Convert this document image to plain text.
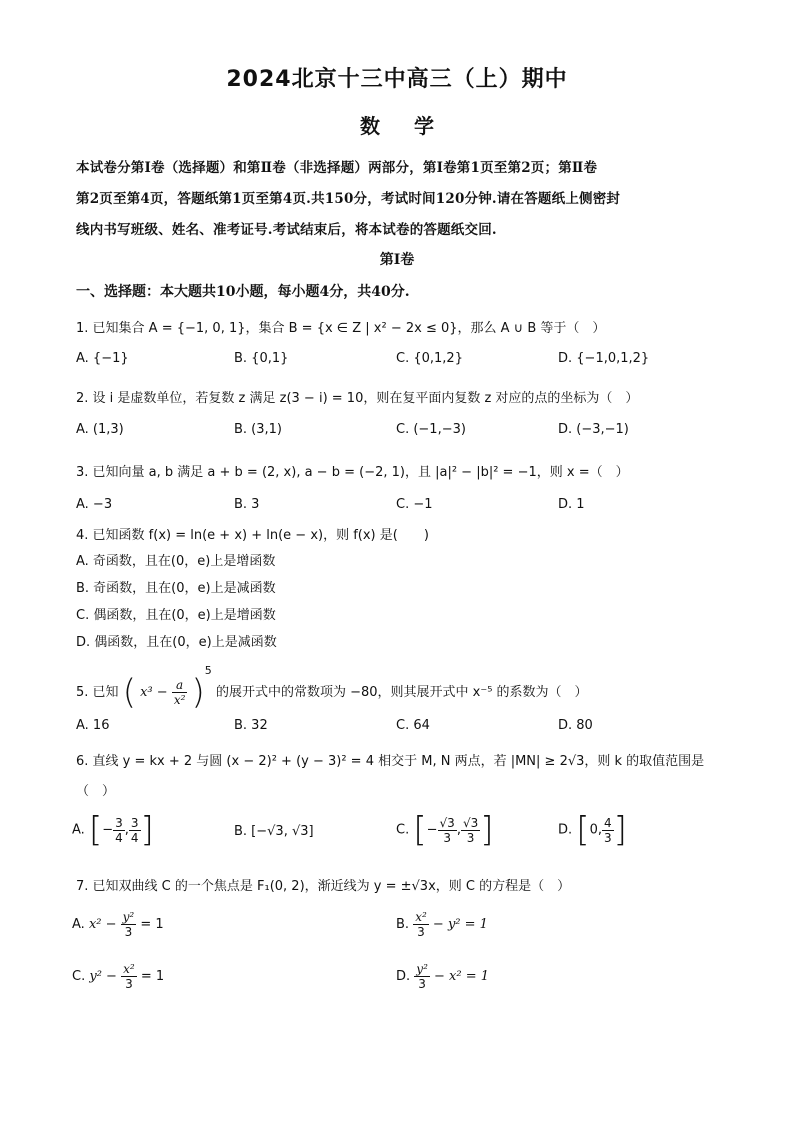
2024北京十三中高三（上）期中
数学
本试卷分第Ⅰ卷（选择题）和第Ⅱ卷（非选择题）两部分，第Ⅰ卷第1页至第2页；第Ⅱ卷
第2页至第4页，答题纸第1页至第4页.共150分，考试时间120分钟.请在答题纸上侧密封
线内书写班级、姓名、准考证号.考试结束后，将本试卷的答题纸交回.
第Ⅰ卷
一、选择题：本大题共10小题，每小题4分，共40分.
1. 已知集合 A = {−1, 0, 1}，集合 B = {x ∈ Z | x² − 2x ≤ 0}，那么 A ∪ B 等于（　）
A. {−1}	B. {0,1}	C. {0,1,2}	D. {−1,0,1,2}
2. 设 i 是虚数单位，若复数 z 满足 z(3 − i) = 10，则在复平面内复数 z 对应的点的坐标为（　）
A. (1,3)	B. (3,1)	C. (−1,−3)	D. (−3,−1)
3. 已知向量 a, b 满足 a + b = (2, x), a − b = (−2, 1)，且 |a|² − |b|² = −1，则 x =（　）
A. −3	B. 3	C. −1	D. 1
4. 已知函数 f(x) = ln(e + x) + ln(e − x)，则 f(x) 是(　　)
A. 奇函数，且在(0，e)上是增函数
B. 奇函数，且在(0，e)上是减函数
C. 偶函数，且在(0，e)上是增函数
D. 偶函数，且在(0，e)上是减函数
5. 已知 ( $x^3 - \frac{a}{\text{x²}} )^5$ 的展开式中的常数项为 −80，则其展开式中 x⁻⁵ 的系数为（　）
A. 16	B. 32	C. 64	D. 80
6. 直线 y = kx + 2 与圆 (x − 2)² + (y − 3)² = 4 相交于 M, N 两点，若 |MN| ≥ 2√3，则 k 的取值范围是
（　）
A. [− $\frac{3}{4}$ , $\frac{3}{4}$ ]	B. [−√3, √3]	C. [− $\frac{√3}{3}$ , $\frac{√3}{3}$ ]	D. [0, $\frac{4}{3}$ ]
7. 已知双曲线 C 的一个焦点是 F₁(0, 2)，渐近线为 y = ±√3x，则 C 的方程是（　）
A. $x^2 - \frac{\text{y²}}{3} = 1$	B. $\frac{\text{x²}}{3} - y^2 = 1$
C. $y^2 - \frac{\text{x²}}{3} = 1$	D. $\frac{\text{y²}}{3} - x^2 = 1$
